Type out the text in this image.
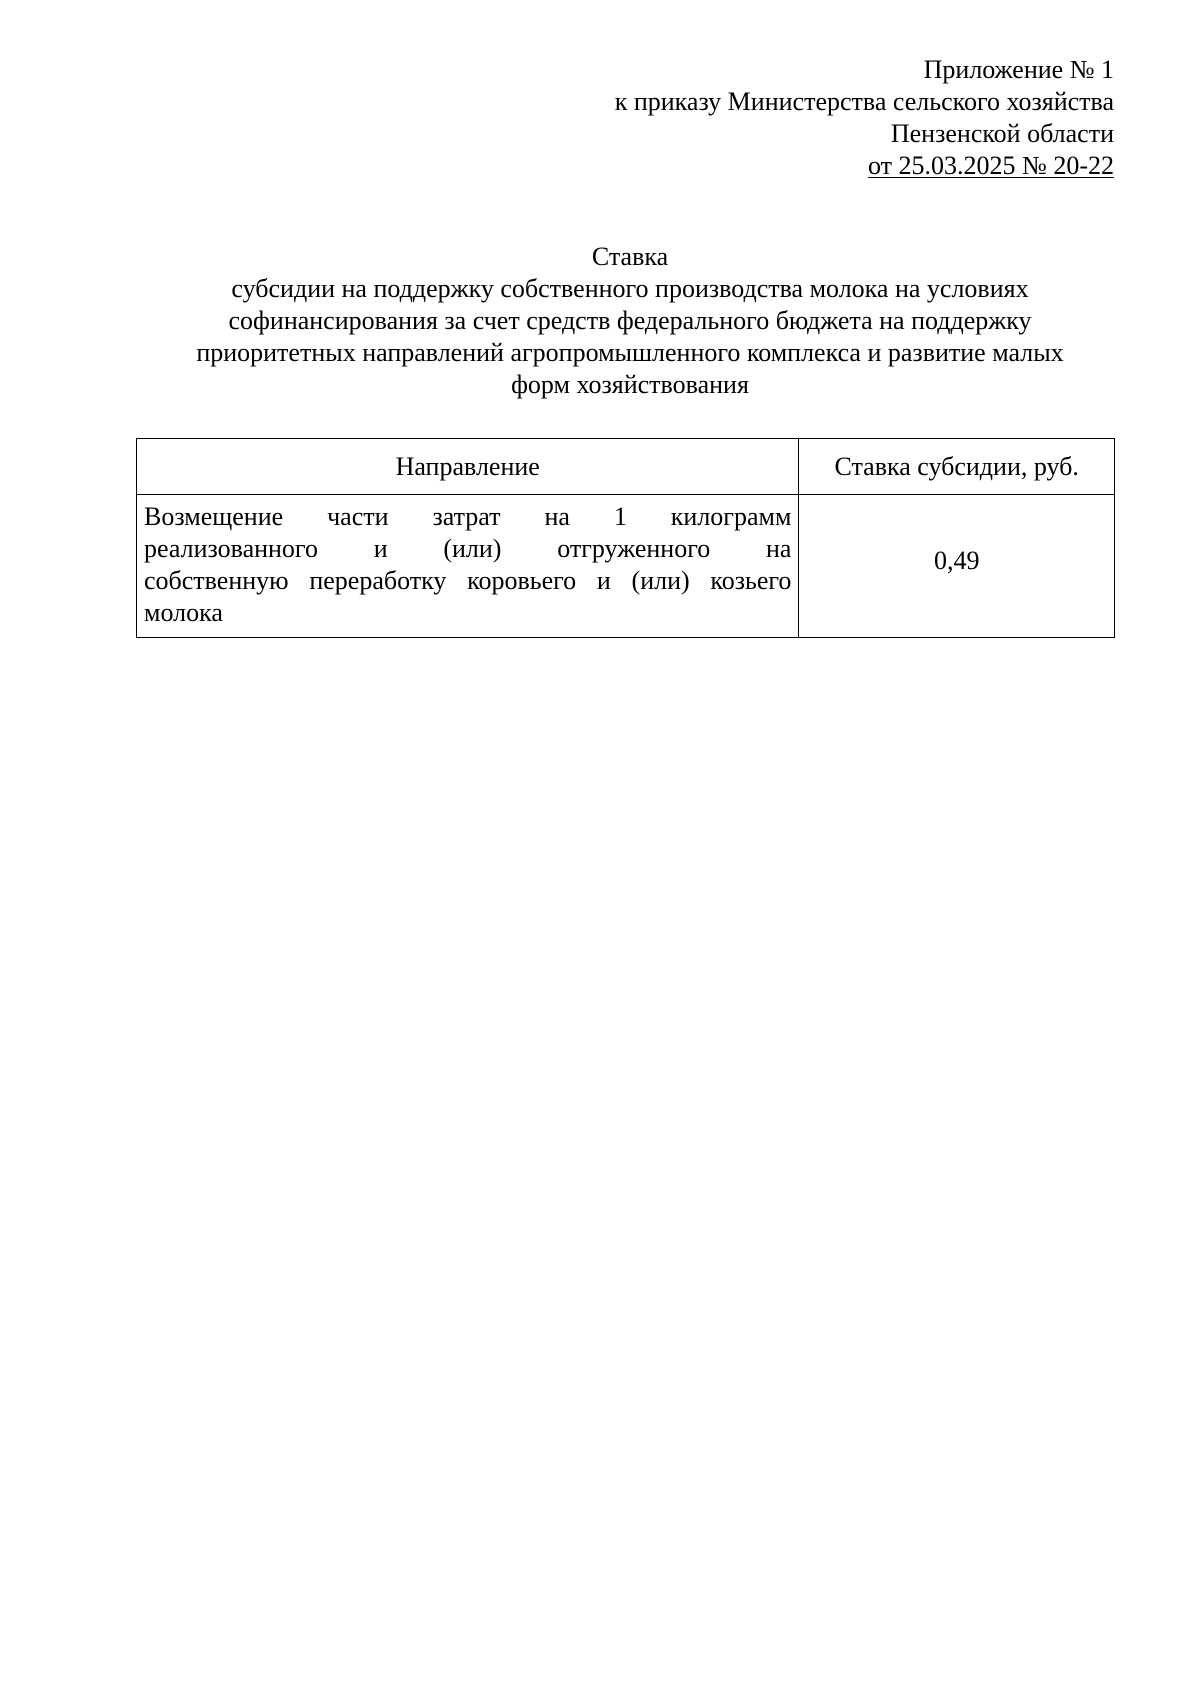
Приложение № 1
к приказу Министерства сельского хозяйства
Пензенской области
от 25.03.2025 № 20-22
Ставка
субсидии на поддержку собственного производства молока на условиях
софинансирования за счет средств федерального бюджета на поддержку
приоритетных направлений агропромышленного комплекса и развитие малых
форм хозяйствования
Направление	Ставка субсидии, руб.

Возмещение части затрат на 1 килограмм
реализованного и (или) отгруженного на
собственную переработку коровьего и (или) козьего
молока	0,49
